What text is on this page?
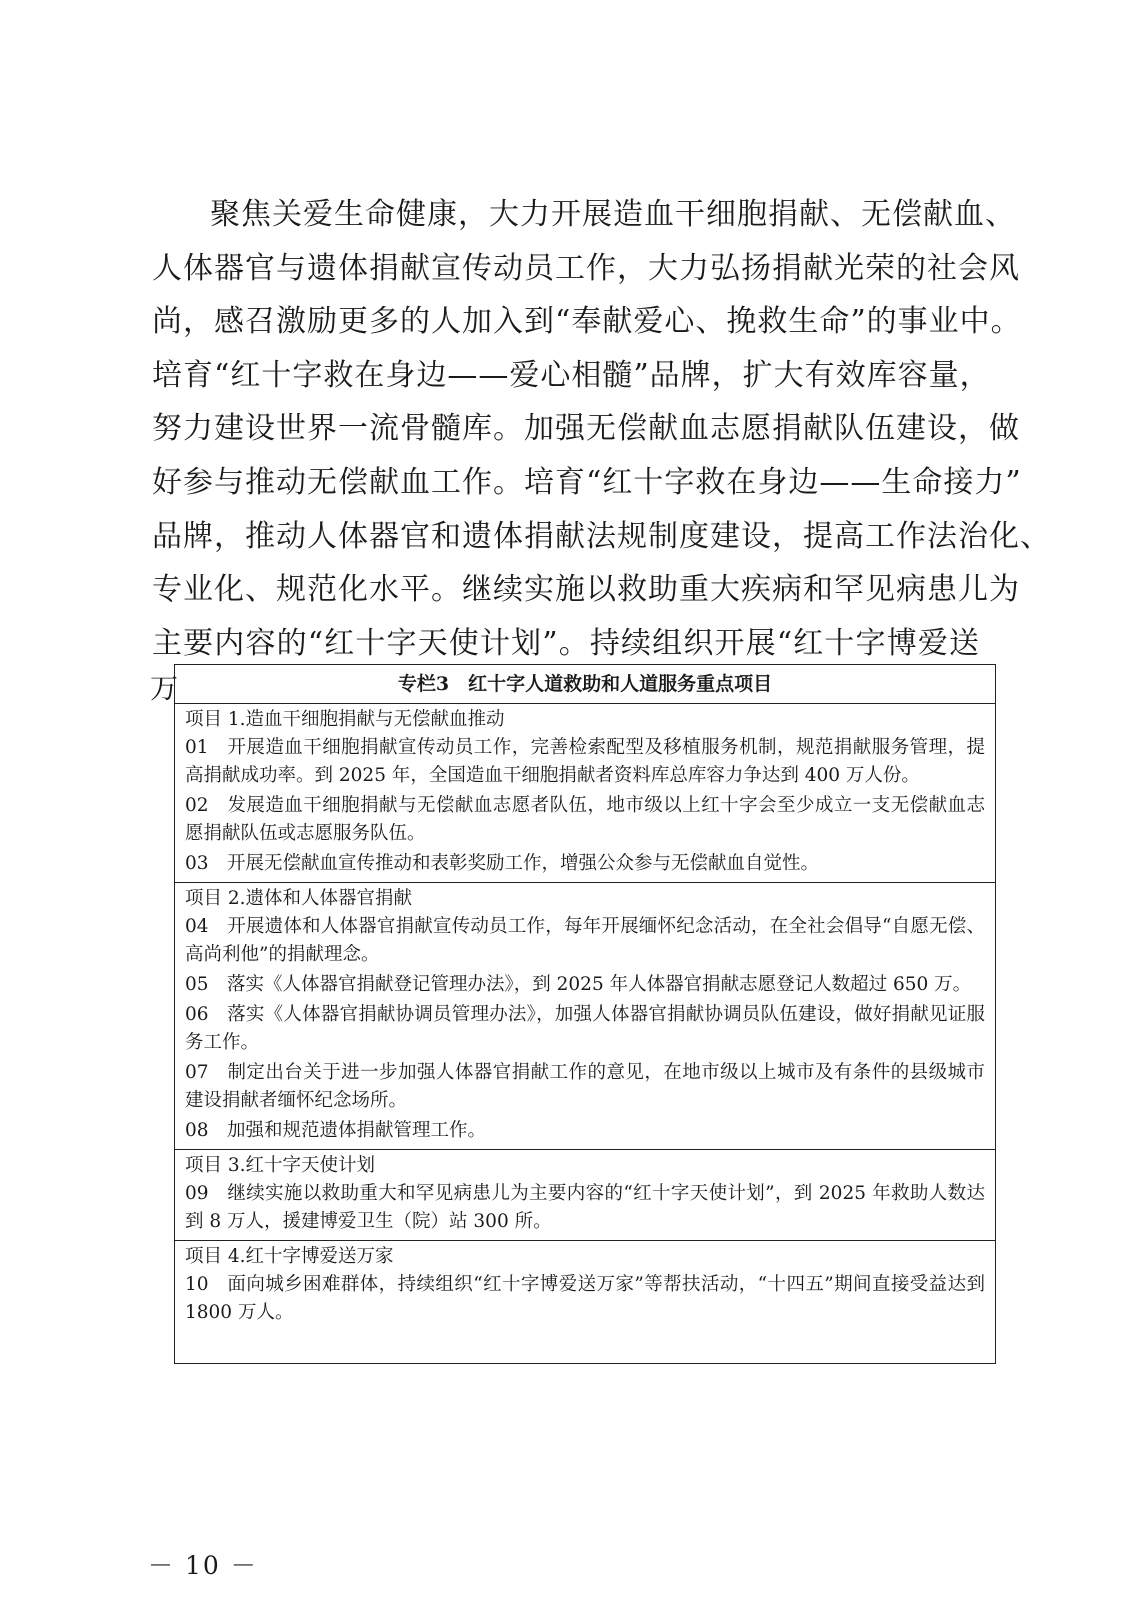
聚焦关爱生命健康，大力开展造血干细胞捐献、无偿献血、
人体器官与遗体捐献宣传动员工作，大力弘扬捐献光荣的社会风
尚，感召激励更多的人加入到“奉献爱心、挽救生命”的事业中。
培育“红十字救在身边——爱心相髓”品牌，扩大有效库容量，
努力建设世界一流骨髓库。加强无偿献血志愿捐献队伍建设，做
好参与推动无偿献血工作。培育“红十字救在身边——生命接力”
品牌，推动人体器官和遗体捐献法规制度建设，提高工作法治化、
专业化、规范化水平。继续实施以救助重大疾病和罕见病患儿为
主要内容的“红十字天使计划”。持续组织开展“红十字博爱送
万	专栏3　红十字人道救助和人道服务重点项目
项目 1.造血干细胞捐献与无偿献血推动
01 开展造血干细胞捐献宣传动员工作，完善检索配型及移植服务机制，规范捐献服务管理，提高捐献成功率。到 2025 年，全国造血干细胞捐献者资料库总库容力争达到 400 万人份。
02 发展造血干细胞捐献与无偿献血志愿者队伍，地市级以上红十字会至少成立一支无偿献血志愿捐献队伍或志愿服务队伍。
03 开展无偿献血宣传推动和表彰奖励工作，增强公众参与无偿献血自觉性。
项目 2.遗体和人体器官捐献
04 开展遗体和人体器官捐献宣传动员工作，每年开展缅怀纪念活动，在全社会倡导“自愿无偿、高尚利他”的捐献理念。
05 落实《人体器官捐献登记管理办法》，到 2025 年人体器官捐献志愿登记人数超过 650 万。
06 落实《人体器官捐献协调员管理办法》，加强人体器官捐献协调员队伍建设，做好捐献见证服务工作。
07 制定出台关于进一步加强人体器官捐献工作的意见，在地市级以上城市及有条件的县级城市建设捐献者缅怀纪念场所。
08 加强和规范遗体捐献管理工作。
项目 3.红十字天使计划
09 继续实施以救助重大和罕见病患儿为主要内容的“红十字天使计划”，到 2025 年救助人数达到 8 万人，援建博爱卫生（院）站 300 所。
项目 4.红十字博爱送万家
10 面向城乡困难群体，持续组织“红十字博爱送万家”等帮扶活动，“十四五”期间直接受益达到 1800 万人。
－ 10 －
